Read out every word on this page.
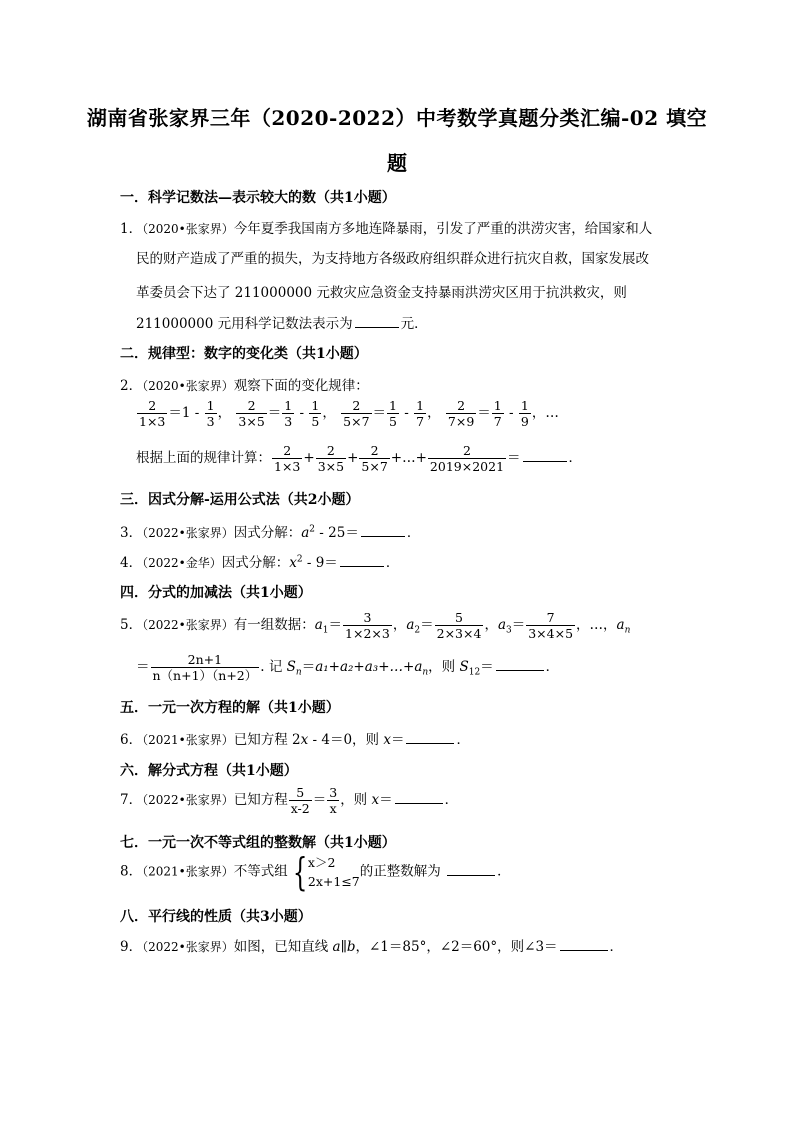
湖南省张家界三年（2020-2022）中考数学真题分类汇编-02 填空
题
一．科学记数法—表示较大的数（共1小题）
1．（2020•张家界）今年夏季我国南方多地连降暴雨，引发了严重的洪涝灾害，给国家和人
民的财产造成了严重的损失，为支持地方各级政府组织群众进行抗灾自救，国家发展改
革委员会下达了 211000000 元救灾应急资金支持暴雨洪涝灾区用于抗洪救灾，则
211000000 元用科学记数法表示为	元．
二．规律型：数字的变化类（共1小题）
2．（2020•张家界）观察下面的变化规律：
$\frac{2}{1\times 3} =1 - \frac{1}{3}$ ， $\frac{2}{3\times 5} = \frac{1}{3} - \frac{1}{5}$ ， $\frac{2}{5\times 7} = \frac{1}{5} - \frac{1}{7}$ ， $\frac{2}{7\times 9} = \frac{1}{7} - \frac{1}{9}$ ，…
根据上面的规律计算： $\frac{2}{1\times 3} + \frac{2}{3\times 5} + \frac{2}{5\times 7}$ +…+ $\frac{2}{2019\times 2021}$ ＝	．
三．因式分解-运用公式法（共2小题）
3．（2022•张家界）因式分解：$a^2 - 25=$	．
4．（2022•金华）因式分解：$x^2 - 9=$	．
四．分式的加减法（共1小题）
5．（2022•张家界）有一组数据：$a_1= \frac{3}{1\times 2\times 3}$ ，$a_2= \frac{5}{2\times 3\times 4}$ ，$a_3= \frac{7}{3\times 4\times 5}$ ，…，$a_n$
＝ $\frac{2n+1}{n(n+1)(n+2)}$ . 记 $S_n=a_1+a_2+a_3+\dots+a_n$，则 $S_{12}=$	．
五．一元一次方程的解（共1小题）
6．（2021•张家界）已知方程 2x - 4＝0，则 x＝	．
六．解分式方程（共1小题）
7．（2022•张家界）已知方程 $\frac{5}{x-2} = \frac{3}{x}$ ，则 x＝	．
七．一元一次不等式组的整数解（共1小题）
8．（2021•张家界）不等式组 { x＞2
2x+1≤7
的正整数解为	．
八．平行线的性质（共3小题）
9．（2022•张家界）如图，已知直线 a∥b，∠1＝85°，∠2＝60°，则∠3＝	．
